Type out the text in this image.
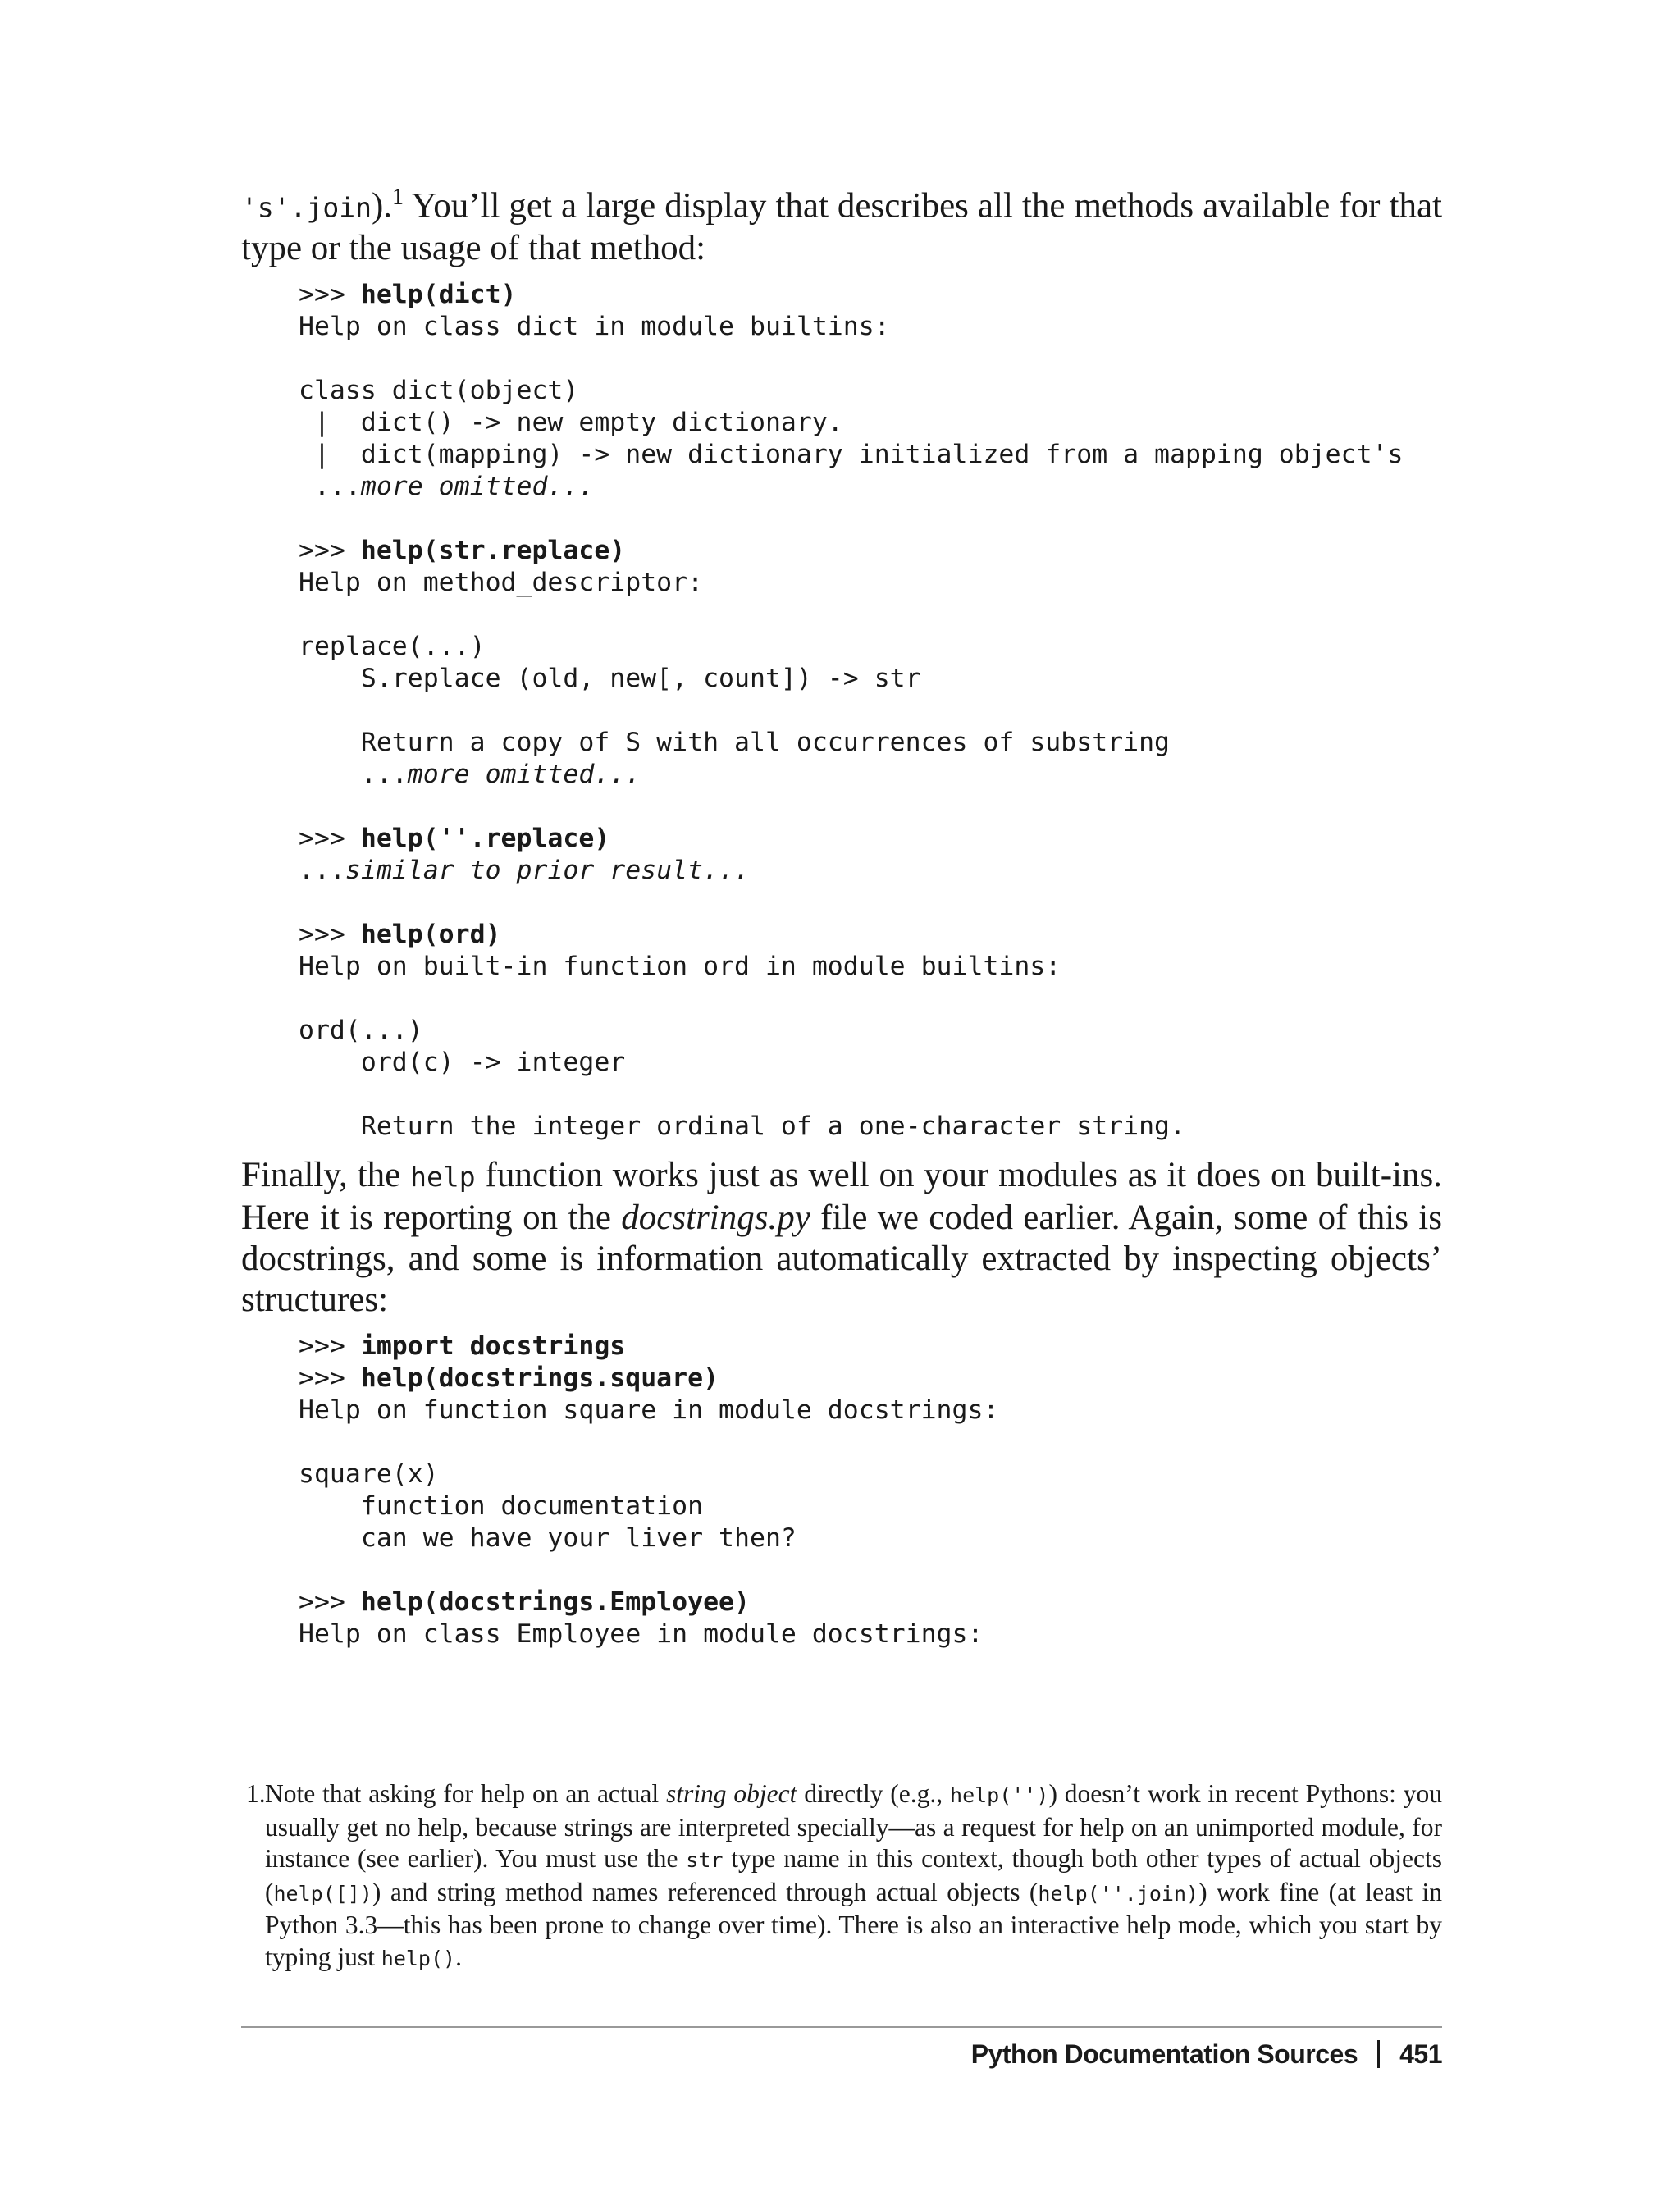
's'.join).$^1$ You’ll get a large display that describes all the methods available for that type or the usage of that method:
>>> help(dict)
Help on class dict in module builtins:
class dict(object)
|  dict() -> new empty dictionary.
|  dict(mapping) -> new dictionary initialized from a mapping object's
...more omitted...
>>> help(str.replace)
Help on method_descriptor:
replace(...)
S.replace (old, new[, count]) -> str
Return a copy of S with all occurrences of substring
...more omitted...
>>> help(''.replace)
...similar to prior result...
>>> help(ord)
Help on built-in function ord in module builtins:
ord(...)
ord(c) -> integer
Return the integer ordinal of a one-character string.
Finally, the help function works just as well on your modules as it does on built-ins. Here it is reporting on the docstrings.py file we coded earlier. Again, some of this is docstrings, and some is information automatically extracted by inspecting objects’ structures:
>>> import docstrings
>>> help(docstrings.square)
Help on function square in module docstrings:
square(x)
function documentation
can we have your liver then?
>>> help(docstrings.Employee)
Help on class Employee in module docstrings:
1. Note that asking for help on an actual string object directly (e.g., help('')) doesn’t work in recent Pythons: you usually get no help, because strings are interpreted specially—as a request for help on an unimported module, for instance (see earlier). You must use the str type name in this context, though both other types of actual objects (help([])) and string method names referenced through actual objects (help(''.join)) work fine (at least in Python 3.3—this has been prone to change over time). There is also an interactive help mode, which you start by typing just help().
Python Documentation Sources 451
